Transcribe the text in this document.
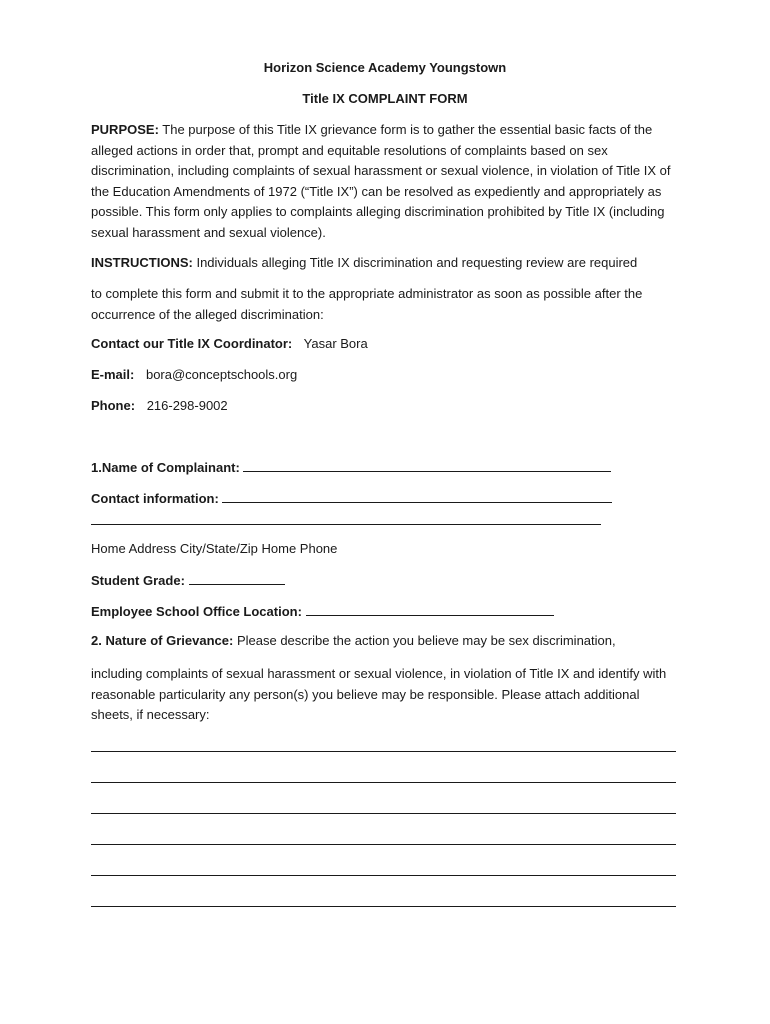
Horizon Science Academy Youngstown
Title IX COMPLAINT FORM
PURPOSE: The purpose of this Title IX grievance form is to gather the essential basic facts of the alleged actions in order that, prompt and equitable resolutions of complaints based on sex discrimination, including complaints of sexual harassment or sexual violence, in violation of Title IX of the Education Amendments of 1972 (“Title IX”) can be resolved as expediently and appropriately as possible. This form only applies to complaints alleging discrimination prohibited by Title IX (including sexual harassment and sexual violence).
INSTRUCTIONS: Individuals alleging Title IX discrimination and requesting review are required
to complete this form and submit it to the appropriate administrator as soon as possible after the occurrence of the alleged discrimination:
Contact our Title IX Coordinator: Yasar Bora
E-mail: bora@conceptschools.org
Phone: 216-298-9002
1.Name of Complainant:
Contact information:
Home Address City/State/Zip Home Phone
Student Grade:
Employee School Office Location:
2. Nature of Grievance: Please describe the action you believe may be sex discrimination,
including complaints of sexual harassment or sexual violence, in violation of Title IX and identify with reasonable particularity any person(s) you believe may be responsible. Please attach additional sheets, if necessary:
